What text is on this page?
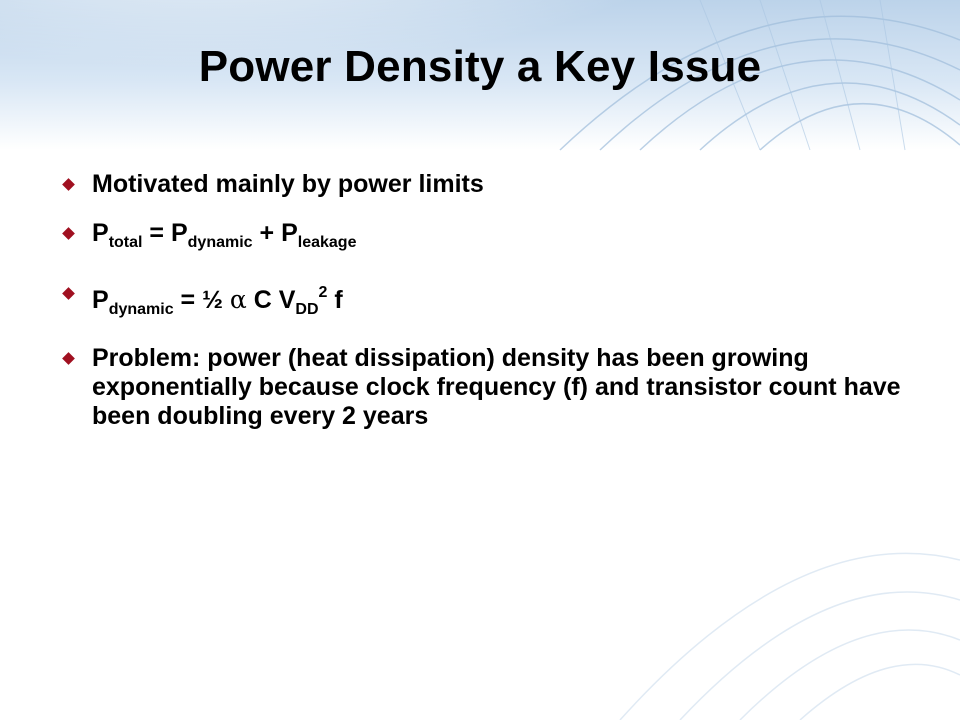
Power Density a Key Issue
Motivated mainly by power limits
$P_{total} = P_{dynamic} + P_{leakage}$
$P_{dynamic}$ = ½ α C $V_{DD}^2$ f
Problem: power (heat dissipation) density has been growing exponentially because clock frequency (f) and transistor count have been doubling every 2 years
